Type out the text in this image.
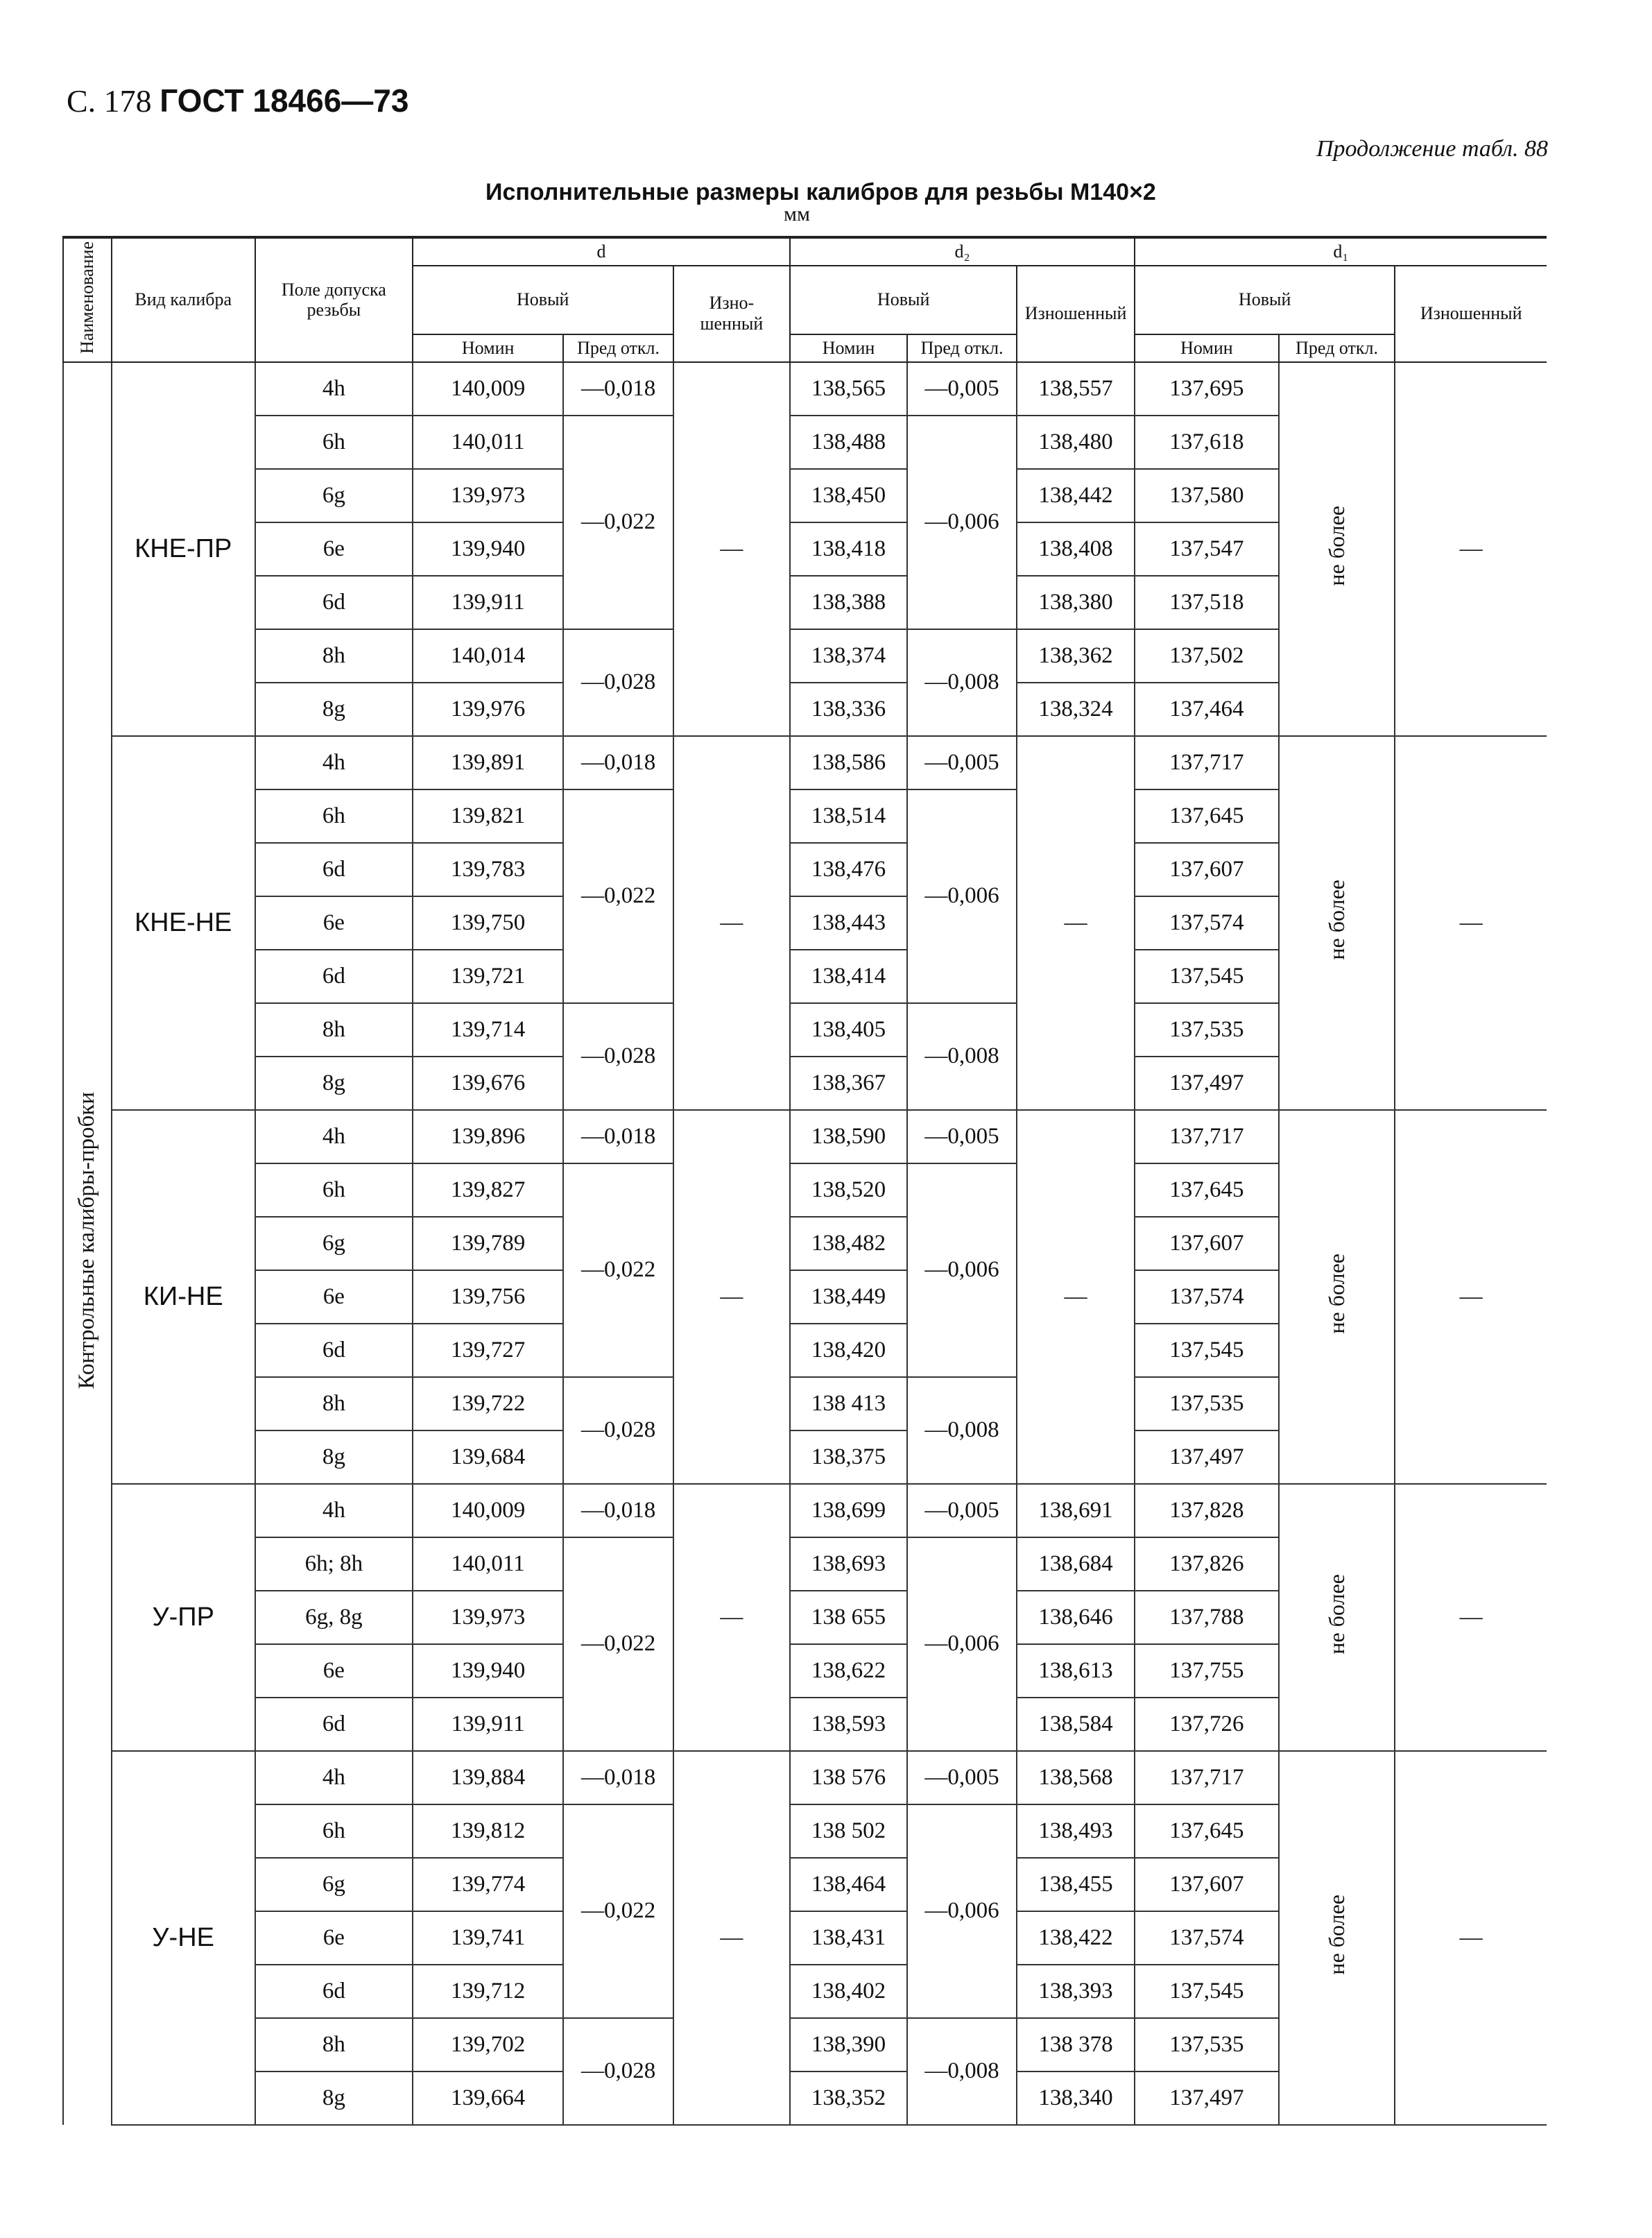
С. 178 ГОСТ 18466—73
Продолжение табл. 88
Исполнительные размеры калибров для резьбы М140×2
мм
Наименование	Вид калибра	Поле допуска резьбы	d			d₂			d₁		
			Новый		Изно-шенный	Новый		Изношенный	Новый		Изношенный
			Номин	Пред откл.		Номин	Пред откл.		Номин	Пред откл.	
Контрольные калибры-пробки	КНЕ-ПР	4h	140,009	—0,018	—	138,565	—0,005	138,557	137,695	не более	—
		6h	140,011	—0,022		138,488	—0,006	138,480	137,618		
		6g	139,973			138,450		138,442	137,580		
		6e	139,940			138,418		138,408	137,547		
		6d	139,911			138,388		138,380	137,518		
		8h	140,014	—0,028		138,374	—0,008	138,362	137,502		
		8g	139,976			138,336		138,324	137,464		
	КНЕ-НЕ	4h	139,891	—0,018	—	138,586	—0,005	—	137,717	не более	—
		6h	139,821	—0,022		138,514	—0,006		137,645		
		6d	139,783			138,476			137,607		
		6e	139,750			138,443			137,574		
		6d	139,721			138,414			137,545		
		8h	139,714	—0,028		138,405	—0,008		137,535		
		8g	139,676			138,367			137,497		
	КИ-НЕ	4h	139,896	—0,018	—	138,590	—0,005	—	137,717	не более	—
		6h	139,827	—0,022		138,520	—0,006		137,645		
		6g	139,789			138,482			137,607		
		6e	139,756			138,449			137,574		
		6d	139,727			138,420			137,545		
		8h	139,722	—0,028		138 413	—0,008		137,535		
		8g	139,684			138,375			137,497		
	У-ПР	4h	140,009	—0,018	—	138,699	—0,005	138,691	137,828	не более	—
		6h; 8h	140,011	—0,022		138,693	—0,006	138,684	137,826		
		6g, 8g	139,973			138 655		138,646	137,788		
		6e	139,940			138,622		138,613	137,755		
		6d	139,911			138,593		138,584	137,726		
	У-НЕ	4h	139,884	—0,018	—	138 576	—0,005	138,568	137,717	не более	—
		6h	139,812	—0,022		138 502	—0,006	138,493	137,645		
		6g	139,774			138,464		138,455	137,607		
		6e	139,741			138,431		138,422	137,574		
		6d	139,712			138,402		138,393	137,545		
		8h	139,702	—0,028		138,390	—0,008	138 378	137,535		
		8g	139,664			138,352		138,340	137,497		
